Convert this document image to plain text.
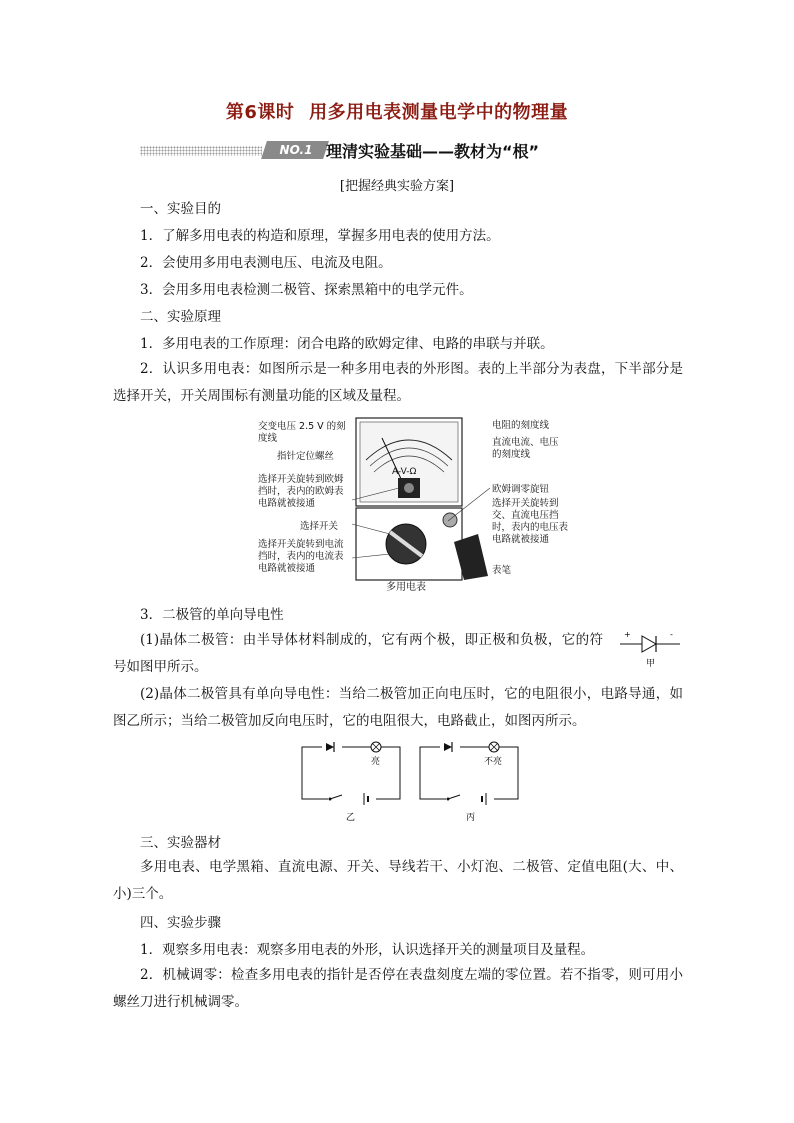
第6课时 用多用电表测量电学中的物理量
NO.1 理清实验基础——教材为“根”
[把握经典实验方案]

一、实验目的

1．了解多用电表的构造和原理，掌握多用电表的使用方法。

2．会使用多用电表测电压、电流及电阻。

3．会用多用电表检测二极管、探索黑箱中的电学元件。

二、实验原理

1．多用电表的工作原理：闭合电路的欧姆定律、电路的串联与并联。

2．认识多用电表：如图所示是一种多用电表的外形图。表的上半部分为表盘，下半部分是选择开关，开关周围标有测量功能的区域及量程。

交变电压 2.5 V 的刻度线
指针定位螺丝
选择开关旋转到欧姆挡时，表内的欧姆表电路就被接通
选择开关
选择开关旋转到电流挡时，表内的电流表电路就被接通
电阻的刻度线
直流电流、电压的刻度线
欧姆调零旋钮
选择开关旋转到交、直流电压挡时，表内的电压表电路就被接通
表笔
多用电表
A-V-Ω

3．二极管的单向导电性

(1)晶体二极管：由半导体材料制成的，它有两个极，即正极和负极，它的符号如图甲所示。

+	-
甲

(2)晶体二极管具有单向导电性：当给二极管加正向电压时，它的电阻很小，电路导通，如图乙所示；当给二极管加反向电压时，它的电阻很大，电路截止，如图丙所示。

亮
乙
不亮
丙

三、实验器材

多用电表、电学黑箱、直流电源、开关、导线若干、小灯泡、二极管、定值电阻(大、中、小)三个。

四、实验步骤

1．观察多用电表：观察多用电表的外形，认识选择开关的测量项目及量程。

2．机械调零：检查多用电表的指针是否停在表盘刻度左端的零位置。若不指零，则可用小螺丝刀进行机械调零。
